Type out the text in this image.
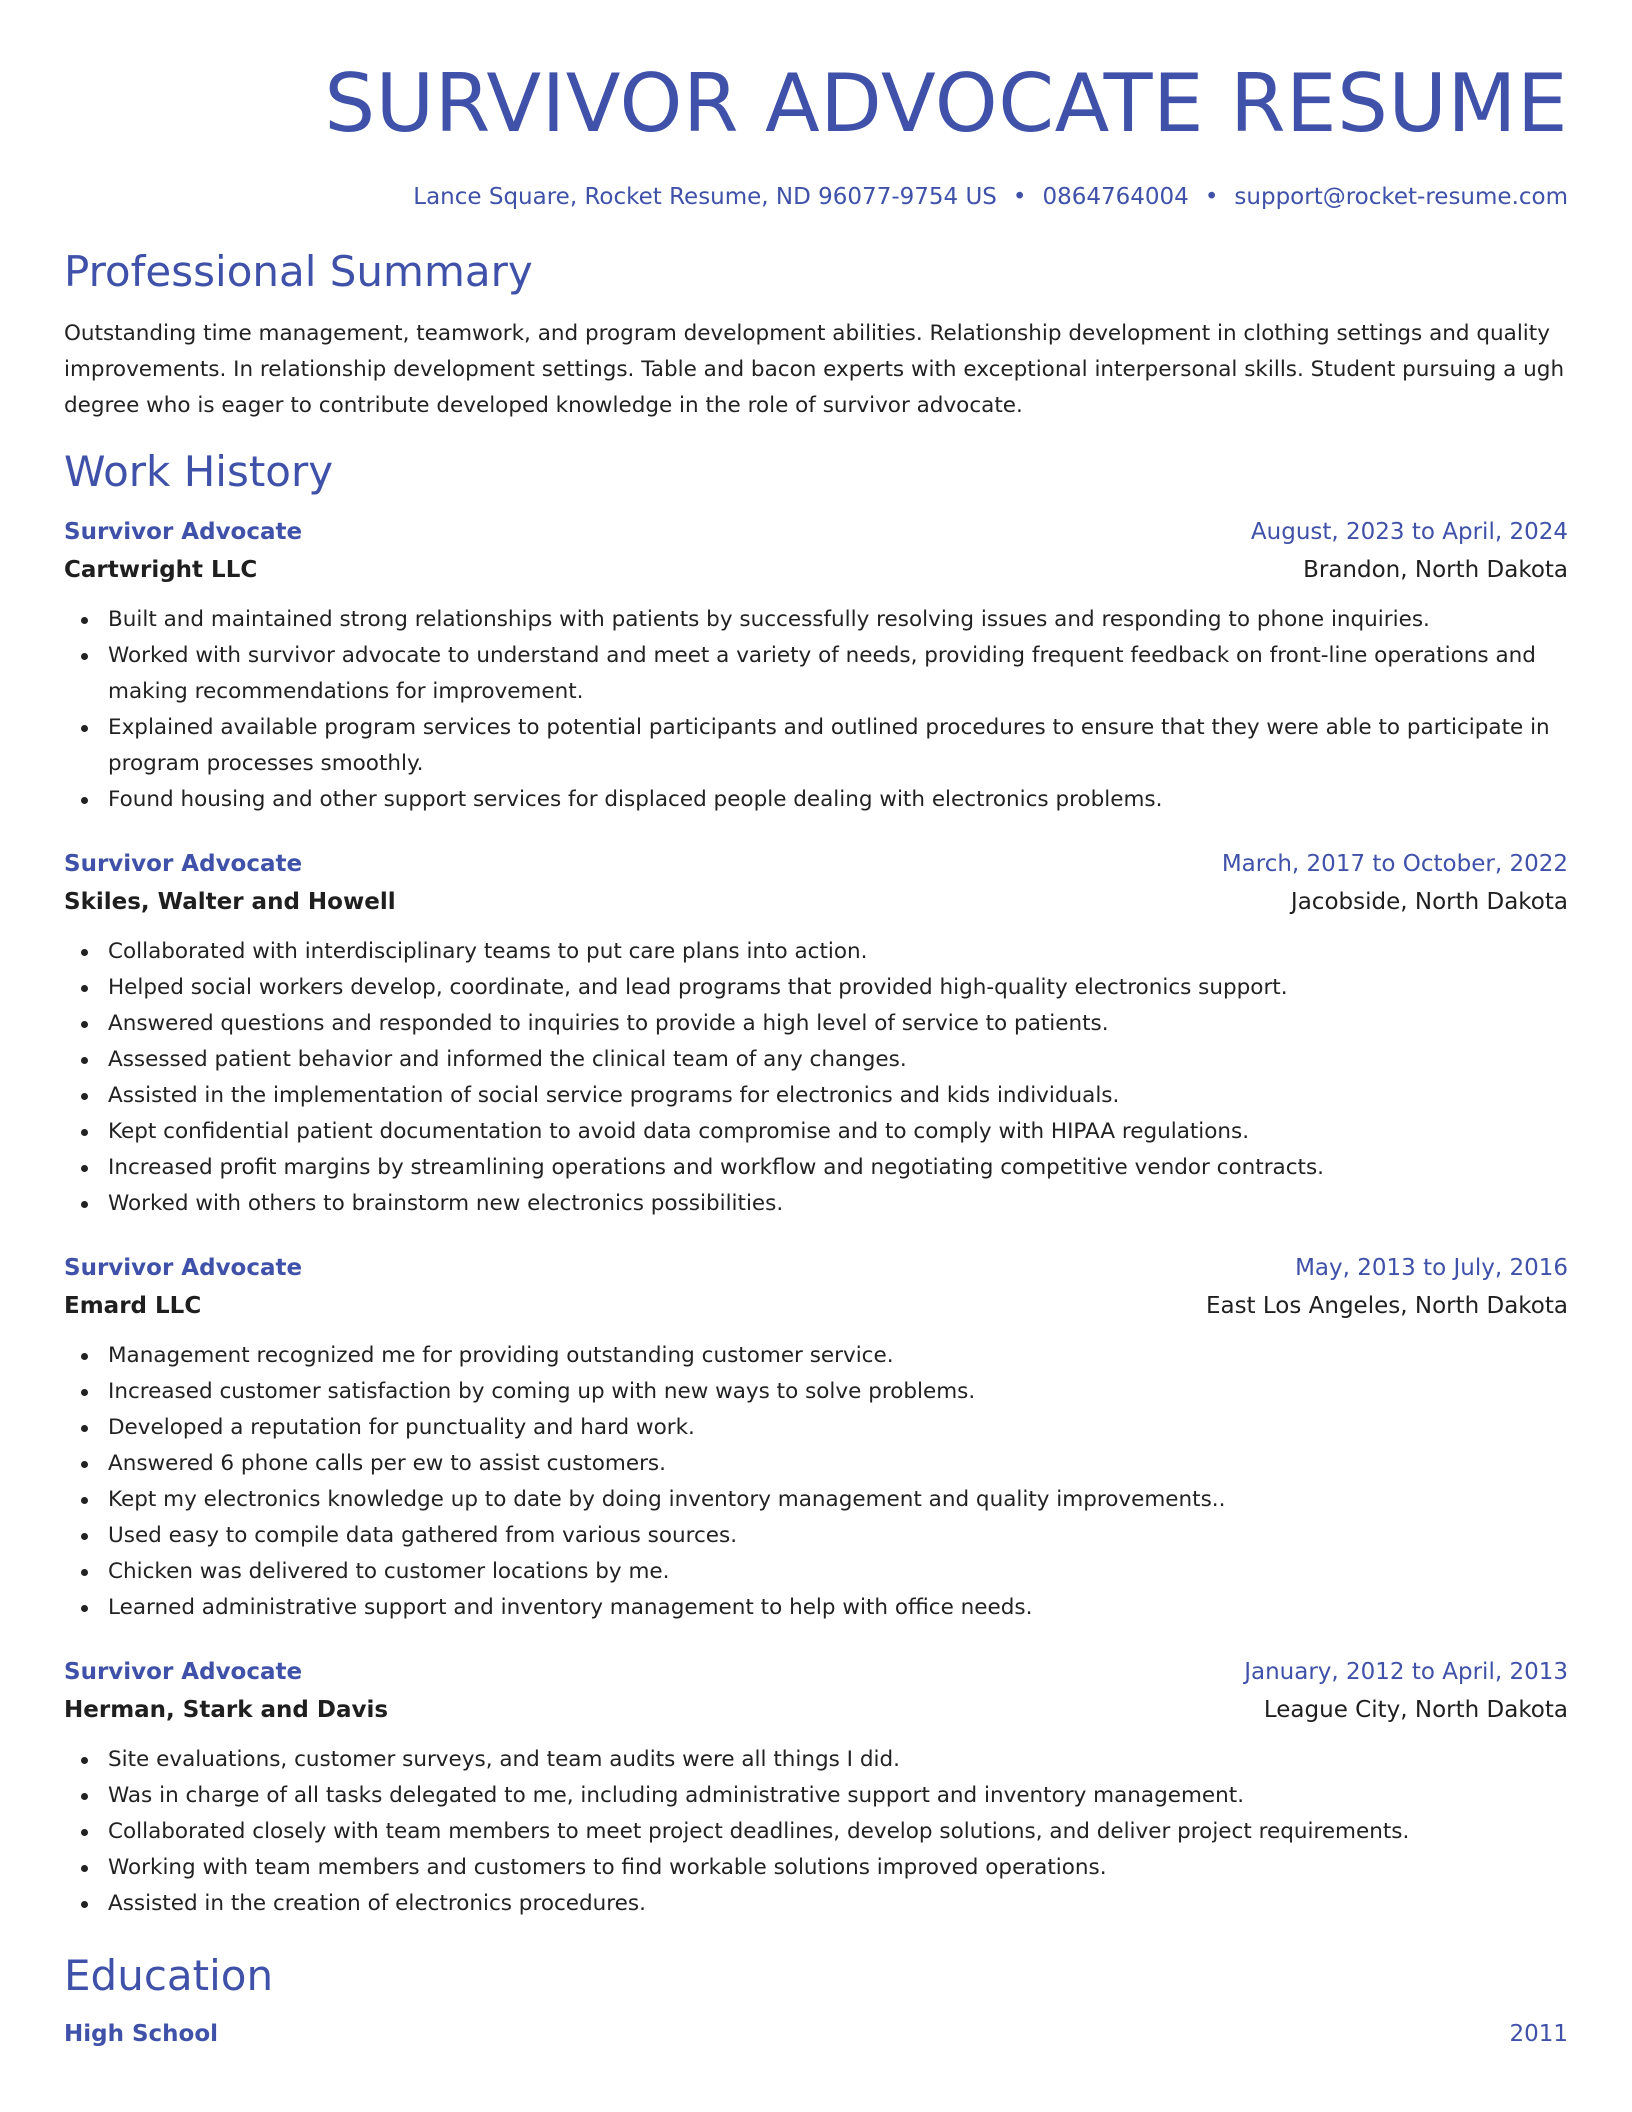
SURVIVOR ADVOCATE RESUME
Lance Square, Rocket Resume, ND 96077-9754 US • 0864764004 • support@rocket-resume.com
Professional Summary

Outstanding time management, teamwork, and program development abilities. Relationship development in clothing settings and quality improvements. In relationship development settings. Table and bacon experts with exceptional interpersonal skills. Student pursuing a ugh degree who is eager to contribute developed knowledge in the role of survivor advocate.

Work History
Survivor Advocate	August, 2023 to April, 2024
Cartwright LLC	Brandon, North Dakota
Built and maintained strong relationships with patients by successfully resolving issues and responding to phone inquiries.
Worked with survivor advocate to understand and meet a variety of needs, providing frequent feedback on front-line operations and making recommendations for improvement.
Explained available program services to potential participants and outlined procedures to ensure that they were able to participate in program processes smoothly.
Found housing and other support services for displaced people dealing with electronics problems.
Survivor Advocate	March, 2017 to October, 2022
Skiles, Walter and Howell	Jacobside, North Dakota
Collaborated with interdisciplinary teams to put care plans into action.
Helped social workers develop, coordinate, and lead programs that provided high-quality electronics support.
Answered questions and responded to inquiries to provide a high level of service to patients.
Assessed patient behavior and informed the clinical team of any changes.
Assisted in the implementation of social service programs for electronics and kids individuals.
Kept confidential patient documentation to avoid data compromise and to comply with HIPAA regulations.
Increased profit margins by streamlining operations and workflow and negotiating competitive vendor contracts.
Worked with others to brainstorm new electronics possibilities.
Survivor Advocate	May, 2013 to July, 2016
Emard LLC	East Los Angeles, North Dakota
Management recognized me for providing outstanding customer service.
Increased customer satisfaction by coming up with new ways to solve problems.
Developed a reputation for punctuality and hard work.
Answered 6 phone calls per ew to assist customers.
Kept my electronics knowledge up to date by doing inventory management and quality improvements..
Used easy to compile data gathered from various sources.
Chicken was delivered to customer locations by me.
Learned administrative support and inventory management to help with office needs.
Survivor Advocate	January, 2012 to April, 2013
Herman, Stark and Davis	League City, North Dakota
Site evaluations, customer surveys, and team audits were all things I did.
Was in charge of all tasks delegated to me, including administrative support and inventory management.
Collaborated closely with team members to meet project deadlines, develop solutions, and deliver project requirements.
Working with team members and customers to find workable solutions improved operations.
Assisted in the creation of electronics procedures.
Education
High School	2011
